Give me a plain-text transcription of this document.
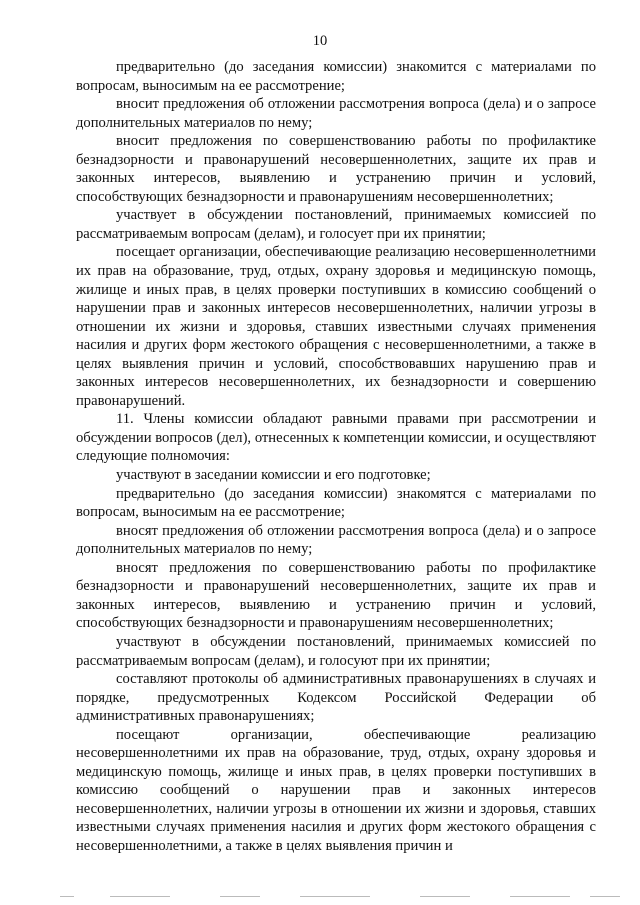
10

предварительно (до заседания комиссии) знакомится с материалами по вопросам, выносимым на ее рассмотрение;

вносит предложения об отложении рассмотрения вопроса (дела) и о запросе дополнительных материалов по нему;

вносит предложения по совершенствованию работы по профилактике безнадзорности и правонарушений несовершеннолетних, защите их прав и законных интересов, выявлению и устранению причин и условий, способствующих безнадзорности и правонарушениям несовершеннолетних;

участвует в обсуждении постановлений, принимаемых комиссией по рассматриваемым вопросам (делам), и голосует при их принятии;

посещает организации, обеспечивающие реализацию несовершеннолетними их прав на образование, труд, отдых, охрану здоровья и медицинскую помощь, жилище и иных прав, в целях проверки поступивших в комиссию сообщений о нарушении прав и законных интересов несовершеннолетних, наличии угрозы в отношении их жизни и здоровья, ставших известными случаях применения насилия и других форм жестокого обращения с несовершеннолетними, а также в целях выявления причин и условий, способствовавших нарушению прав и законных интересов несовершеннолетних, их безнадзорности и совершению правонарушений.

11. Члены комиссии обладают равными правами при рассмотрении и обсуждении вопросов (дел), отнесенных к компетенции комиссии, и осуществляют следующие полномочия:

участвуют в заседании комиссии и его подготовке;

предварительно (до заседания комиссии) знакомятся с материалами по вопросам, выносимым на ее рассмотрение;

вносят предложения об отложении рассмотрения вопроса (дела) и о запросе дополнительных материалов по нему;

вносят предложения по совершенствованию работы по профилактике безнадзорности и правонарушений несовершеннолетних, защите их прав и законных интересов, выявлению и устранению причин и условий, способствующих безнадзорности и правонарушениям несовершеннолетних;

участвуют в обсуждении постановлений, принимаемых комиссией по рассматриваемым вопросам (делам), и голосуют при их принятии;

составляют протоколы об административных правонарушениях в случаях и порядке, предусмотренных Кодексом Российской Федерации об административных правонарушениях;

посещают организации, обеспечивающие реализацию несовершеннолетними их прав на образование, труд, отдых, охрану здоровья и медицинскую помощь, жилище и иных прав, в целях проверки поступивших в комиссию сообщений о нарушении прав и законных интересов несовершеннолетних, наличии угрозы в отношении их жизни и здоровья, ставших известными случаях применения насилия и других форм жестокого обращения с несовершеннолетними, а также в целях выявления причин и
